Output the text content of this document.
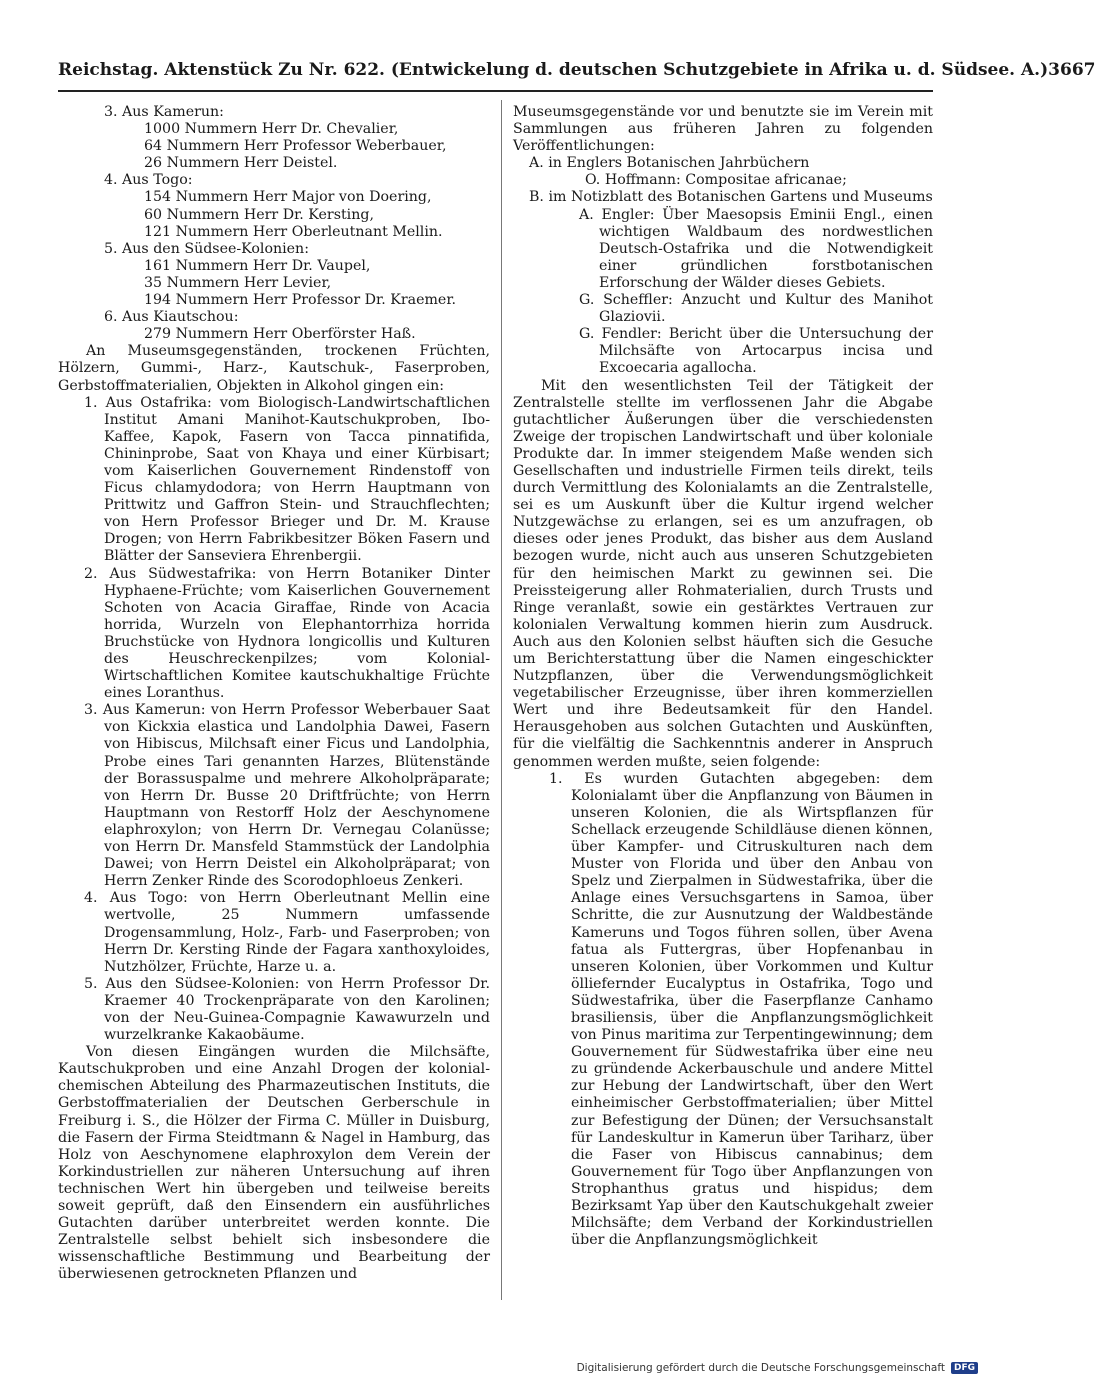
Reichstag. Aktenstück Zu Nr. 622. (Entwickelung d. deutschen Schutzgebiete in Afrika u. d. Südsee. A.) 3667

3. Aus Kamerun:

1000 Nummern Herr Dr. Chevalier,

64 Nummern Herr Professor Weberbauer,

26 Nummern Herr Deistel.

4. Aus Togo:

154 Nummern Herr Major von Doering,

60 Nummern Herr Dr. Kersting,

121 Nummern Herr Oberleutnant Mellin.

5. Aus den Südsee-Kolonien:

161 Nummern Herr Dr. Vaupel,

35 Nummern Herr Levier,

194 Nummern Herr Professor Dr. Kraemer.

6. Aus Kiautschou:

279 Nummern Herr Oberförster Haß.

An Museumsgegenständen, trockenen Früchten, Hölzern, Gummi-, Harz-, Kautschuk-, Faserproben, Gerbstoffmaterialien, Objekten in Alkohol gingen ein:

1. Aus Ostafrika: vom Biologisch-Landwirtschaftlichen Institut Amani Manihot-Kautschukproben, Ibo-Kaffee, Kapok, Fasern von Tacca pinnatifida, Chininprobe, Saat von Khaya und einer Kürbisart; vom Kaiserlichen Gouvernement Rindenstoff von Ficus chlamydodora; von Herrn Hauptmann von Prittwitz und Gaffron Stein- und Strauchflechten; von Hern Professor Brieger und Dr. M. Krause Drogen; von Herrn Fabrikbesitzer Böken Fasern und Blätter der Sanseviera Ehrenbergii.

2. Aus Südwestafrika: von Herrn Botaniker Dinter Hyphaene-Früchte; vom Kaiserlichen Gouvernement Schoten von Acacia Giraffae, Rinde von Acacia horrida, Wurzeln von Elephantorrhiza horrida Bruchstücke von Hydnora longicollis und Kulturen des Heuschreckenpilzes; vom Kolonial-Wirtschaftlichen Komitee kautschukhaltige Früchte eines Loranthus.

3. Aus Kamerun: von Herrn Professor Weberbauer Saat von Kickxia elastica und Landolphia Dawei, Fasern von Hibiscus, Milchsaft einer Ficus und Landolphia, Probe eines Tari genannten Harzes, Blütenstände der Borassuspalme und mehrere Alkoholpräparate; von Herrn Dr. Busse 20 Driftfrüchte; von Herrn Hauptmann von Restorff Holz der Aeschynomene elaphroxylon; von Herrn Dr. Vernegau Colanüsse; von Herrn Dr. Mansfeld Stammstück der Landolphia Dawei; von Herrn Deistel ein Alkoholpräparat; von Herrn Zenker Rinde des Scorodophloeus Zenkeri.

4. Aus Togo: von Herrn Oberleutnant Mellin eine wertvolle, 25 Nummern umfassende Drogensammlung, Holz-, Farb- und Faserproben; von Herrn Dr. Kersting Rinde der Fagara xanthoxyloides, Nutzhölzer, Früchte, Harze u. a.

5. Aus den Südsee-Kolonien: von Herrn Professor Dr. Kraemer 40 Trockenpräparate von den Karolinen; von der Neu-Guinea-Compagnie Kawawurzeln und wurzelkranke Kakaobäume.

Von diesen Eingängen wurden die Milchsäfte, Kautschukproben und eine Anzahl Drogen der kolonial-chemischen Abteilung des Pharmazeutischen Instituts, die Gerbstoffmaterialien der Deutschen Gerberschule in Freiburg i. S., die Hölzer der Firma C. Müller in Duisburg, die Fasern der Firma Steidtmann & Nagel in Hamburg, das Holz von Aeschynomene elaphroxylon dem Verein der Korkindustriellen zur näheren Untersuchung auf ihren technischen Wert hin übergeben und teilweise bereits soweit geprüft, daß den Einsendern ein ausführliches Gutachten darüber unterbreitet werden konnte. Die Zentralstelle selbst behielt sich insbesondere die wissenschaftliche Bestimmung und Bearbeitung der überwiesenen getrockneten Pflanzen und

Museumsgegenstände vor und benutzte sie im Verein mit Sammlungen aus früheren Jahren zu folgenden Veröffentlichungen:

A. in Englers Botanischen Jahrbüchern

O. Hoffmann: Compositae africanae;

B. im Notizblatt des Botanischen Gartens und Museums

A. Engler: Über Maesopsis Eminii Engl., einen wichtigen Waldbaum des nordwestlichen Deutsch-Ostafrika und die Notwendigkeit einer gründlichen forstbotanischen Erforschung der Wälder dieses Gebiets.

G. Scheffler: Anzucht und Kultur des Manihot Glaziovii.

G. Fendler: Bericht über die Untersuchung der Milchsäfte von Artocarpus incisa und Excoecaria agallocha.

Mit den wesentlichsten Teil der Tätigkeit der Zentralstelle stellte im verflossenen Jahr die Abgabe gutachtlicher Äußerungen über die verschiedensten Zweige der tropischen Landwirtschaft und über koloniale Produkte dar. In immer steigendem Maße wenden sich Gesellschaften und industrielle Firmen teils direkt, teils durch Vermittlung des Kolonialamts an die Zentralstelle, sei es um Auskunft über die Kultur irgend welcher Nutzgewächse zu erlangen, sei es um anzufragen, ob dieses oder jenes Produkt, das bisher aus dem Ausland bezogen wurde, nicht auch aus unseren Schutzgebieten für den heimischen Markt zu gewinnen sei. Die Preissteigerung aller Rohmaterialien, durch Trusts und Ringe veranlaßt, sowie ein gestärktes Vertrauen zur kolonialen Verwaltung kommen hierin zum Ausdruck. Auch aus den Kolonien selbst häuften sich die Gesuche um Berichterstattung über die Namen eingeschickter Nutzpflanzen, über die Verwendungsmöglichkeit vegetabilischer Erzeugnisse, über ihren kommerziellen Wert und ihre Bedeutsamkeit für den Handel. Herausgehoben aus solchen Gutachten und Auskünften, für die vielfältig die Sachkenntnis anderer in Anspruch genommen werden mußte, seien folgende:

1. Es wurden Gutachten abgegeben: dem Kolonialamt über die Anpflanzung von Bäumen in unseren Kolonien, die als Wirtspflanzen für Schellack erzeugende Schildläuse dienen können, über Kampfer- und Citruskulturen nach dem Muster von Florida und über den Anbau von Spelz und Zierpalmen in Südwestafrika, über die Anlage eines Versuchsgartens in Samoa, über Schritte, die zur Ausnutzung der Waldbestände Kameruns und Togos führen sollen, über Avena fatua als Futtergras, über Hopfenanbau in unseren Kolonien, über Vorkommen und Kultur ölliefernder Eucalyptus in Ostafrika, Togo und Südwestafrika, über die Faserpflanze Canhamo brasiliensis, über die Anpflanzungsmöglichkeit von Pinus maritima zur Terpentingewinnung; dem Gouvernement für Südwestafrika über eine neu zu gründende Ackerbauschule und andere Mittel zur Hebung der Landwirtschaft, über den Wert einheimischer Gerbstoffmaterialien; über Mittel zur Befestigung der Dünen; der Versuchsanstalt für Landeskultur in Kamerun über Tariharz, über die Faser von Hibiscus cannabinus; dem Gouvernement für Togo über Anpflanzungen von Strophanthus gratus und hispidus; dem Bezirksamt Yap über den Kautschukgehalt zweier Milchsäfte; dem Verband der Korkindustriellen über die Anpflanzungsmöglichkeit

Digitalisierung gefördert durch die Deutsche Forschungsgemeinschaft	DFG
